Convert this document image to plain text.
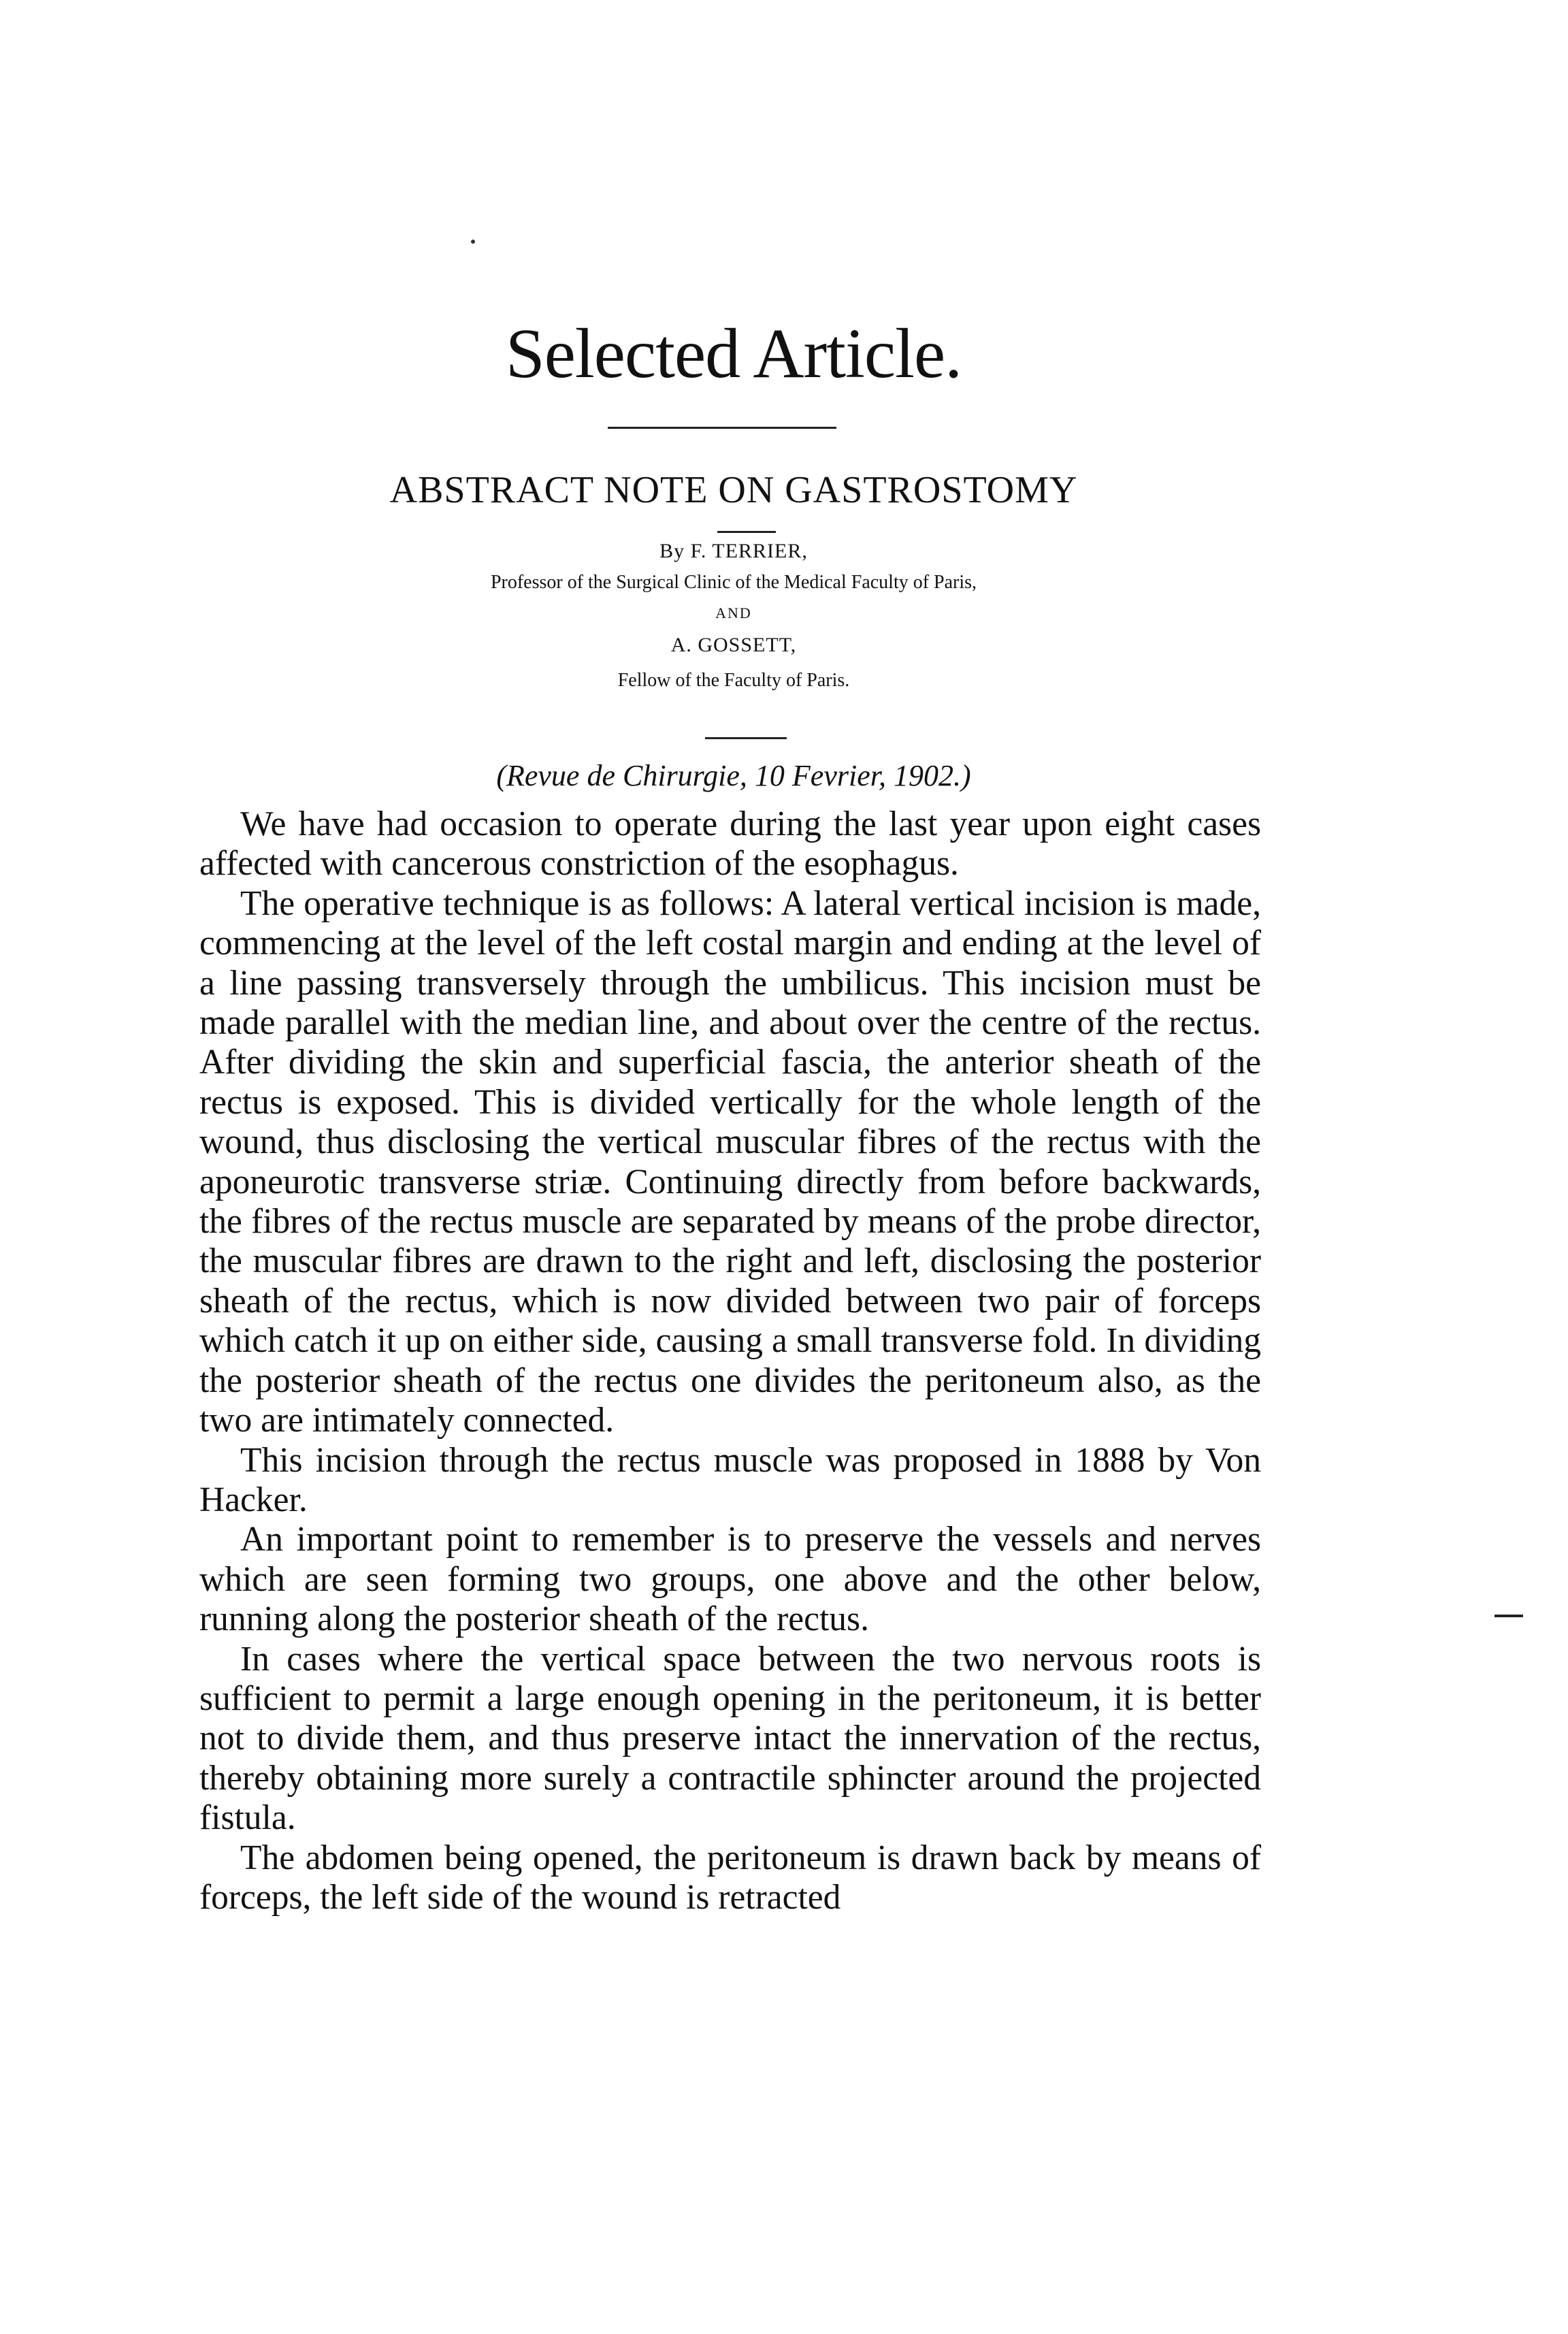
Selected Article.
ABSTRACT NOTE ON GASTROSTOMY
By F. TERRIER,
Professor of the Surgical Clinic of the Medical Faculty of Paris,
AND
A. GOSSETT,
Fellow of the Faculty of Paris.
(Revue de Chirurgie, 10 Fevrier, 1902.)

We have had occasion to operate during the last year upon eight cases affected with cancerous constriction of the esophagus.

The operative technique is as follows: A lateral vertical incision is made, commencing at the level of the left costal margin and ending at the level of a line passing transversely through the umbilicus. This incision must be made parallel with the median line, and about over the centre of the rectus. After dividing the skin and superficial fascia, the anterior sheath of the rectus is exposed. This is divided vertically for the whole length of the wound, thus disclosing the vertical muscular fibres of the rectus with the aponeurotic transverse striæ. Continuing directly from before backwards, the fibres of the rectus muscle are separated by means of the probe director, the muscular fibres are drawn to the right and left, disclosing the posterior sheath of the rectus, which is now divided between two pair of forceps which catch it up on either side, causing a small transverse fold. In dividing the posterior sheath of the rectus one divides the peritoneum also, as the two are intimately connected.

This incision through the rectus muscle was proposed in 1888 by Von Hacker.

An important point to remember is to preserve the vessels and nerves which are seen forming two groups, one above and the other below, running along the posterior sheath of the rectus.

In cases where the vertical space between the two nervous roots is sufficient to permit a large enough opening in the peritoneum, it is better not to divide them, and thus preserve intact the innervation of the rectus, thereby obtaining more surely a contractile sphincter around the projected fistula.

The abdomen being opened, the peritoneum is drawn back by means of forceps, the left side of the wound is retracted
